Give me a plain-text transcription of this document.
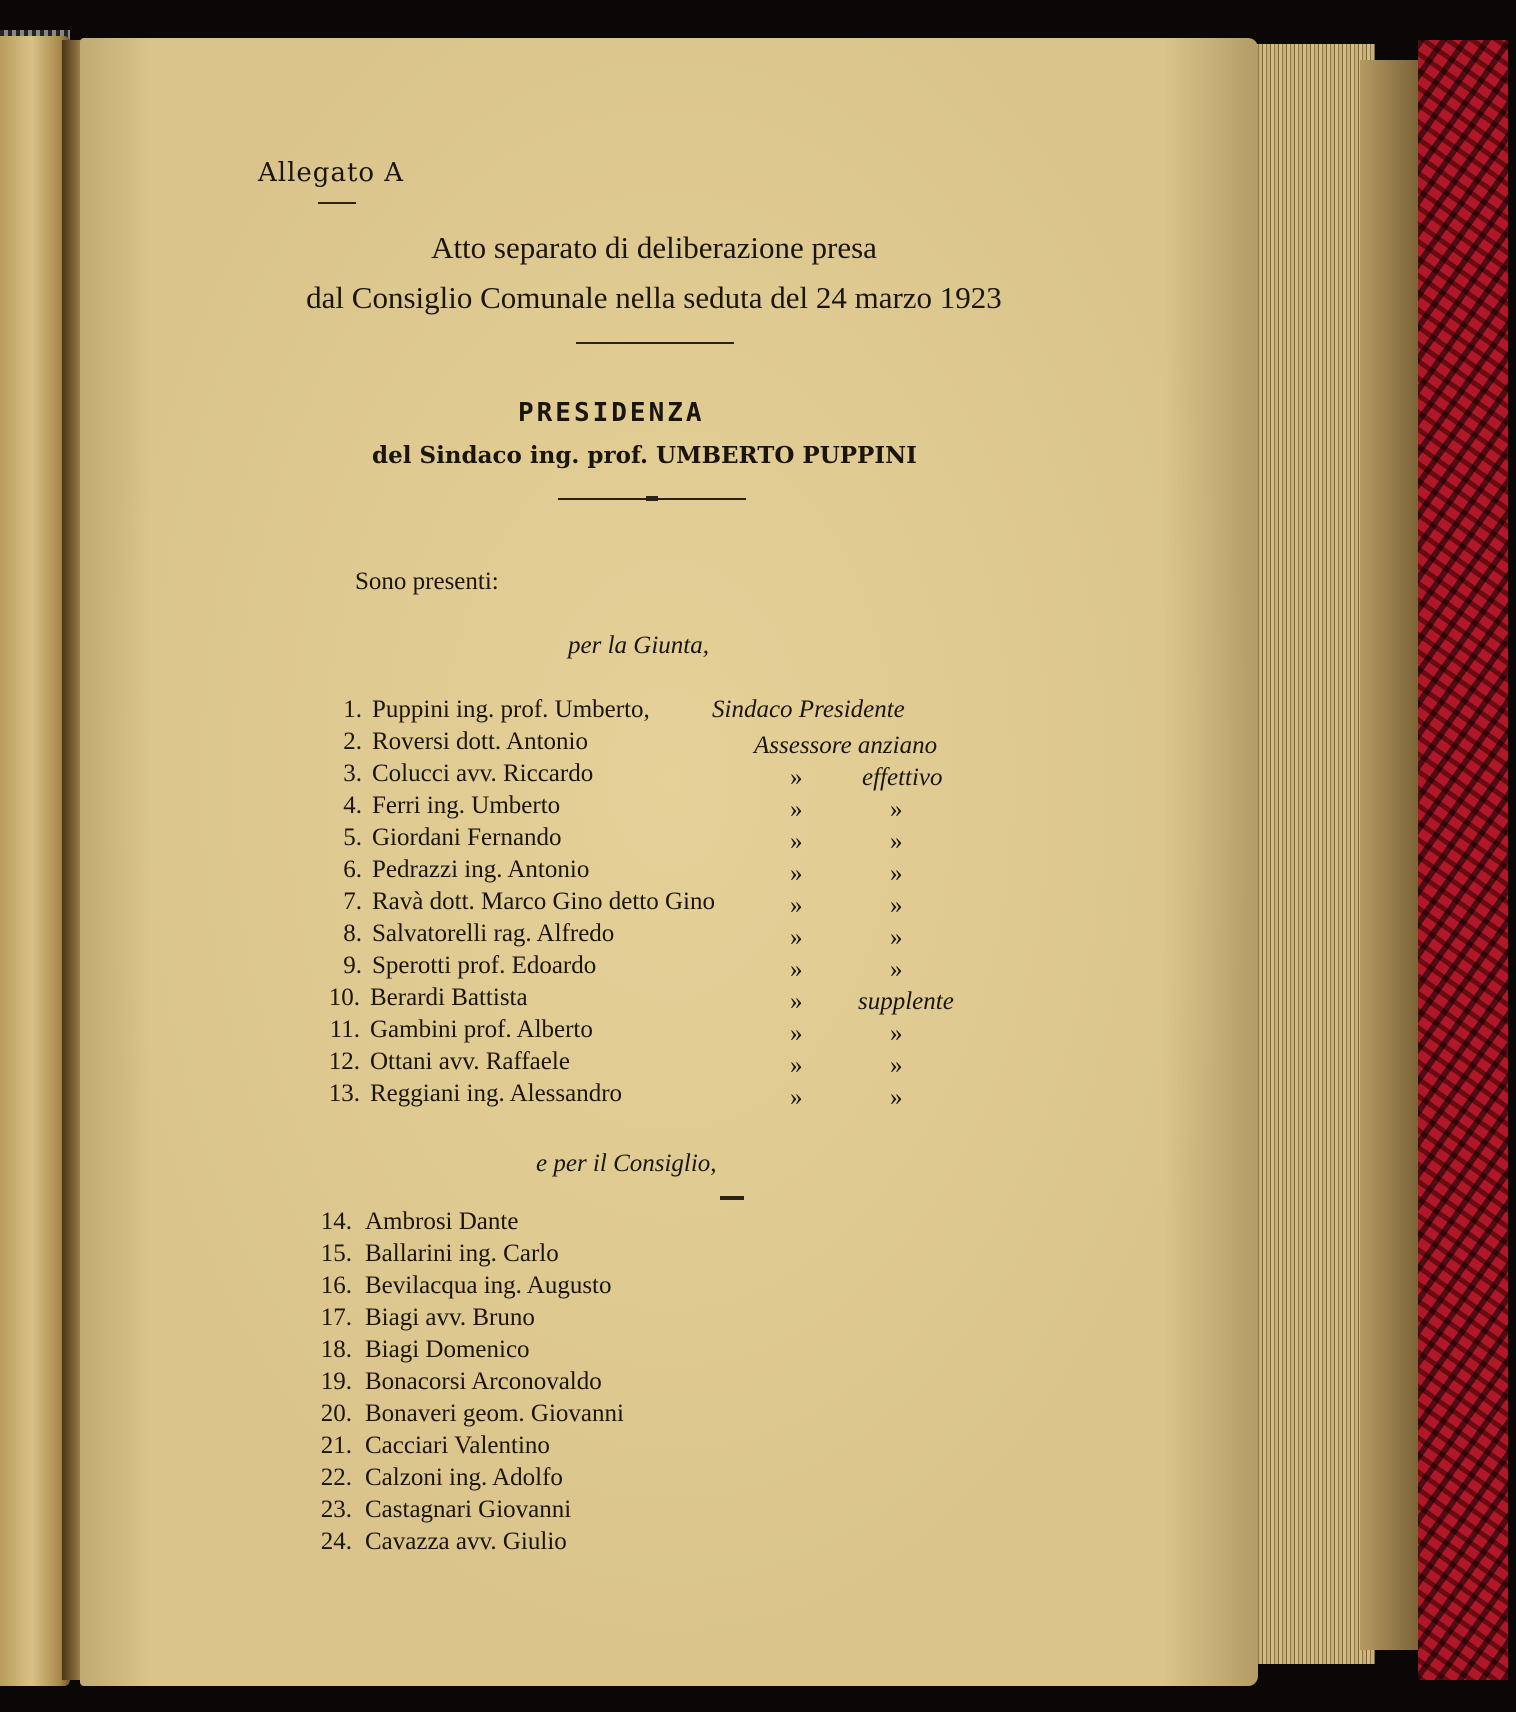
Allegato A
Atto separato di deliberazione presa
dal Consiglio Comunale nella seduta del 24 marzo 1923
PRESIDENZA
del Sindaco ing. prof. UMBERTO PUPPINI
Sono presenti:
per la Giunta,
e per il Consiglio,
1. Puppini ing. prof. Umberto, Sindaco Presidente
2. Roversi dott. Antonio	Assessore anziano
3. Colucci avv. Riccardo	» effettivo
4. Ferri ing. Umberto	»	»
5. Giordani Fernando	»	»
6. Pedrazzi ing. Antonio	»	»
7. Ravà dott. Marco Gino detto Gino	»	»
8. Salvatorelli rag. Alfredo	»	»
9. Sperotti prof. Edoardo	»	»
10. Berardi Battista	» supplente
11. Gambini prof. Alberto	»	»
12. Ottani avv. Raffaele	»	»
13. Reggiani ing. Alessandro	»	»
14. Ambrosi Dante
15. Ballarini ing. Carlo
16. Bevilacqua ing. Augusto
17. Biagi avv. Bruno
18. Biagi Domenico
19. Bonacorsi Arconovaldo
20. Bonaveri geom. Giovanni
21. Cacciari Valentino
22. Calzoni ing. Adolfo
23. Castagnari Giovanni
24. Cavazza avv. Giulio
